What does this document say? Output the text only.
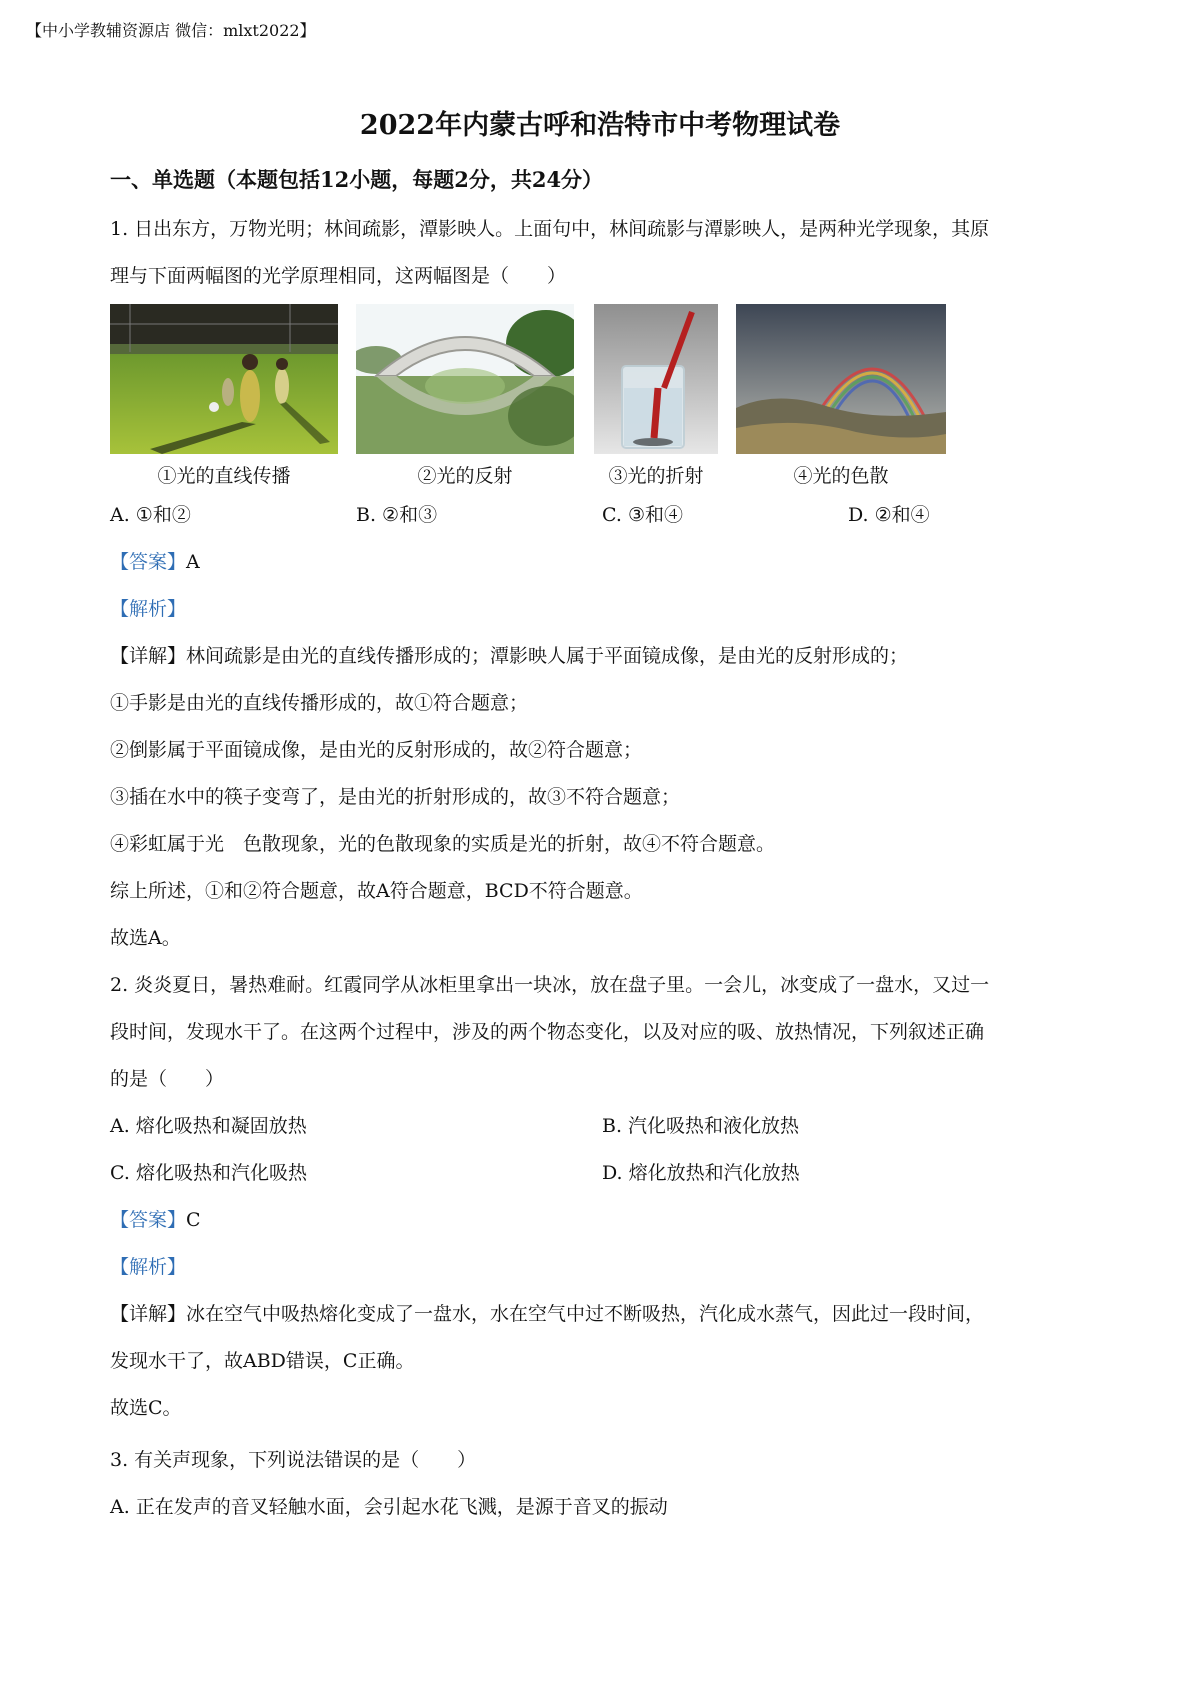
【中小学教辅资源店 微信：mlxt2022】
2022年内蒙古呼和浩特市中考物理试卷
一、单选题（本题包括12小题，每题2分，共24分）
1. 日出东方，万物光明；林间疏影，潭影映人。上面句中，林间疏影与潭影映人，是两种光学现象，其原
理与下面两幅图的光学原理相同，这两幅图是（　　）
①光的直线传播	②光的反射	③光的折射	④光的色散
A. ①和②	B. ②和③	C. ③和④	D. ②和④
【答案】A
【解析】
【详解】林间疏影是由光的直线传播形成的；潭影映人属于平面镜成像，是由光的反射形成的；
①手影是由光的直线传播形成的，故①符合题意；
②倒影属于平面镜成像，是由光的反射形成的，故②符合题意；
③插在水中的筷子变弯了，是由光的折射形成的，故③不符合题意；
④彩虹属于光　色散现象，光的色散现象的实质是光的折射，故④不符合题意。
综上所述，①和②符合题意，故A符合题意，BCD不符合题意。
故选A。
2. 炎炎夏日，暑热难耐。红霞同学从冰柜里拿出一块冰，放在盘子里。一会儿，冰变成了一盘水，又过一
段时间，发现水干了。在这两个过程中，涉及的两个物态变化，以及对应的吸、放热情况，下列叙述正确
的是（　　）
A. 熔化吸热和凝固放热	B. 汽化吸热和液化放热
C. 熔化吸热和汽化吸热	D. 熔化放热和汽化放热
【答案】C
【解析】
【详解】冰在空气中吸热熔化变成了一盘水，水在空气中过不断吸热，汽化成水蒸气，因此过一段时间，
发现水干了，故ABD错误，C正确。
故选C。
3. 有关声现象，下列说法错误的是（　　）
A. 正在发声的音叉轻触水面，会引起水花飞溅，是源于音叉的振动
